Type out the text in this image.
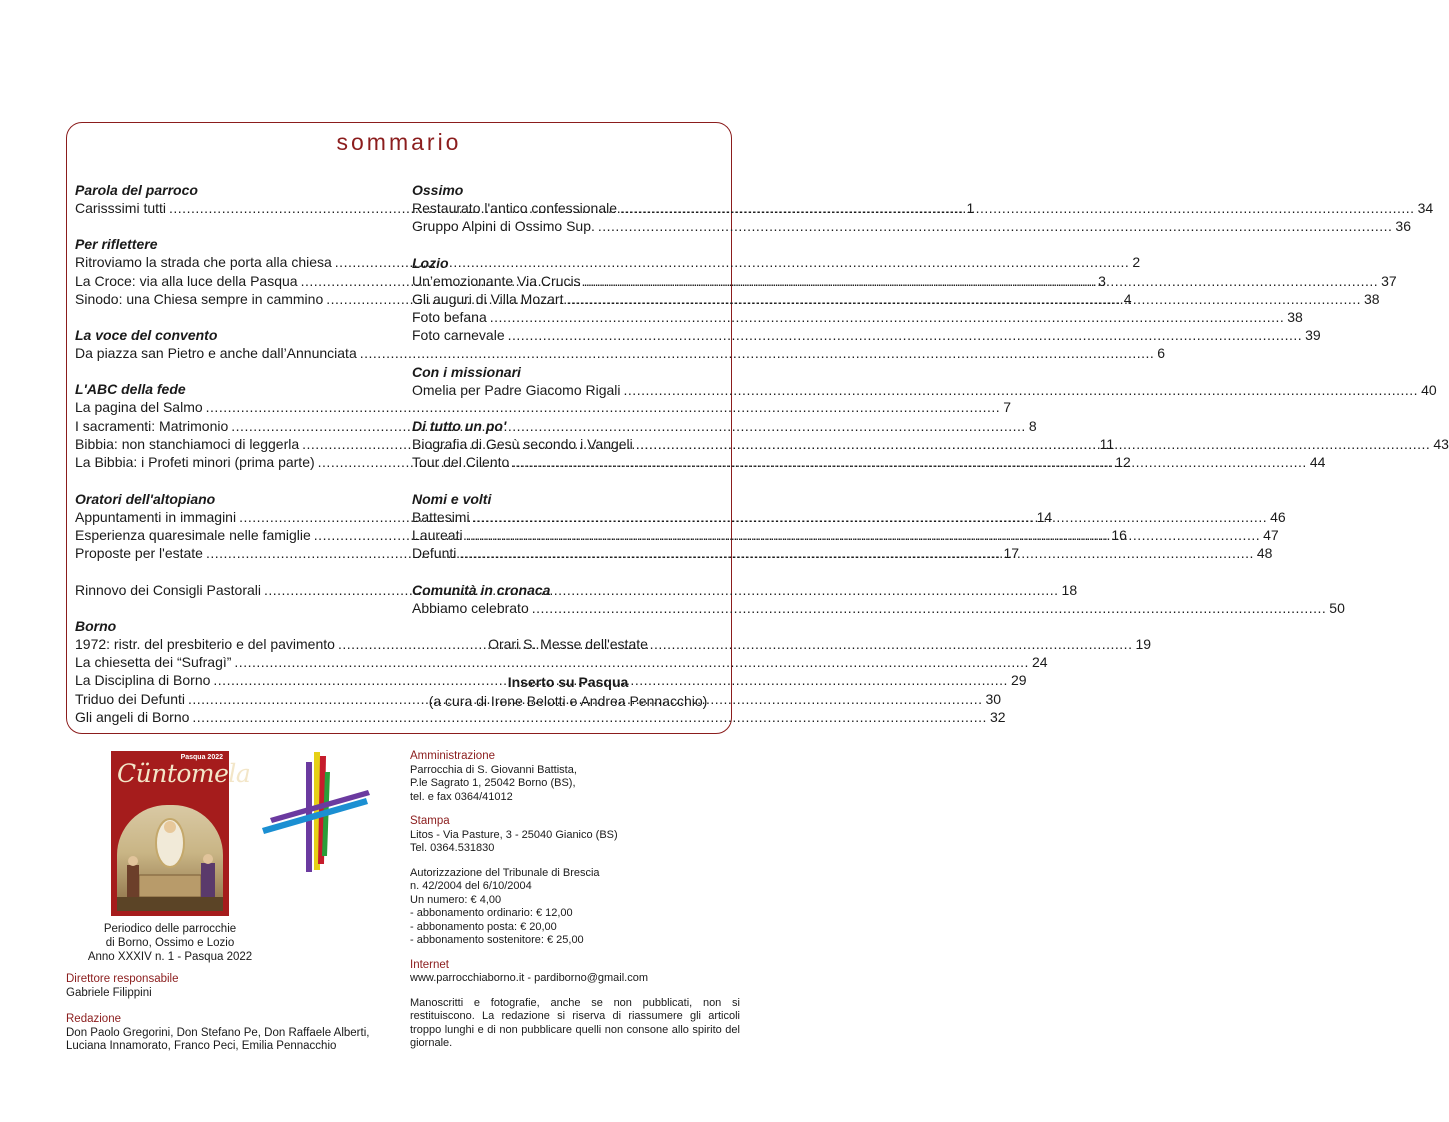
sommario
Parola del parroco
Carisssimi tutti .....	1
Per riflettere
Ritroviamo la strada che porta alla chiesa .....	2
La Croce: via alla luce della Pasqua .....	3
Sinodo: una Chiesa sempre in cammino .....	4
La voce del convento
Da piazza san Pietro e anche dall’Annunciata .....	6
L'ABC della fede
La pagina del Salmo .....	7
I sacramenti: Matrimonio .....	8
Bibbia: non stanchiamoci di leggerla .....	11
La Bibbia: i Profeti minori (prima parte) .....	12
Oratori dell'altopiano
Appuntamenti in immagini .....	14
Esperienza quaresimale nelle famiglie .....	16
Proposte per l'estate .....	17
Rinnovo dei Consigli Pastorali .....	18
Borno
1972: ristr. del presbiterio e del pavimento .....	19
La chiesetta dei “Sufragì” .....	24
La Disciplina di Borno .....	29
Triduo dei Defunti .....	30
Gli angeli di Borno .....	32
Ossimo
Restaurato l'antico confessionale .....	34
Gruppo Alpini di Ossimo Sup. .....	36
Lozio
Un’emozionante Via Crucis .....	37
Gli auguri di Villa Mozart .....	38
Foto befana .....	38
Foto carnevale .....	39
Con i missionari
Omelia per Padre Giacomo Rigali .....	40
Di tutto un po'
Biografia di Gesù secondo i Vangeli .....	43
Tour del Cilento .....	44
Nomi e volti
Battesimi .....	46
Laureati .....	47
Defunti .....	48
Comunità in cronaca
Abbiamo celebrato .....	50
Orari S. Messe dell'estate
Inserto su Pasqua
(a cura di Irene Belotti e Andrea Pennacchio)
Pasqua 2022
Cüntomela
Periodico delle parrocchie
di Borno, Ossimo e Lozio
Anno XXXIV n. 1 - Pasqua 2022
Direttore responsabile
Gabriele Filippini
Redazione
Don Paolo Gregorini, Don Stefano Pe, Don Raffaele Alberti,
Luciana Innamorato, Franco Peci, Emilia Pennacchio
Amministrazione
Parrocchia di S. Giovanni Battista,
P.le Sagrato 1, 25042 Borno (BS),
tel. e fax 0364/41012
Stampa
Litos - Via Pasture, 3 - 25040 Gianico (BS)
Tel. 0364.531830
Autorizzazione del Tribunale di Brescia
n. 42/2004 del 6/10/2004
Un numero: € 4,00
- abbonamento ordinario: € 12,00
- abbonamento posta: € 20,00
- abbonamento sostenitore: € 25,00
Internet
www.parrocchiaborno.it - pardiborno@gmail.com
Manoscritti e fotografie, anche se non pubblicati, non si restituiscono. La redazione si riserva di riassumere gli articoli troppo lunghi e di non pubblicare quelli non consone allo spirito del giornale.
